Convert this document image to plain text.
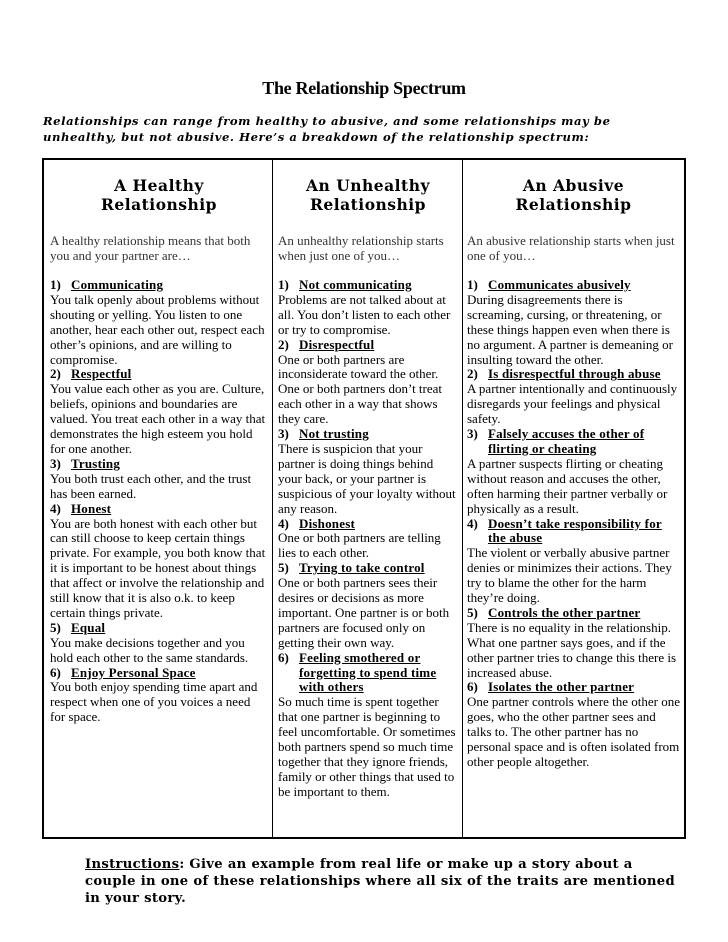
The Relationship Spectrum
Relationships can range from healthy to abusive, and some relationships may be unhealthy, but not abusive. Here’s a breakdown of the relationship spectrum:
A Healthy
Relationship
A healthy relationship means that both you and your partner are…
1) Communicating
You talk openly about problems without shouting or yelling. You listen to one another, hear each other out, respect each other’s opinions, and are willing to compromise.
2) Respectful
You value each other as you are. Culture, beliefs, opinions and boundaries are valued. You treat each other in a way that demonstrates the high esteem you hold for one another.
3) Trusting
You both trust each other, and the trust has been earned.
4) Honest
You are both honest with each other but can still choose to keep certain things private. For example, you both know that it is important to be honest about things that affect or involve the relationship and still know that it is also o.k. to keep certain things private.
5) Equal
You make decisions together and you hold each other to the same standards.
6) Enjoy Personal Space
You both enjoy spending time apart and respect when one of you voices a need for space.
An Unhealthy
Relationship
An unhealthy relationship starts when just one of you…
1) Not communicating
Problems are not talked about at all. You don’t listen to each other or try to compromise.
2) Disrespectful
One or both partners are inconsiderate toward the other. One or both partners don’t treat each other in a way that shows they care.
3) Not trusting
There is suspicion that your partner is doing things behind your back, or your partner is suspicious of your loyalty without any reason.
4) Dishonest
One or both partners are telling lies to each other.
5) Trying to take control
One or both partners sees their desires or decisions as more important. One partner is or both partners are focused only on getting their own way.
6) Feeling smothered or forgetting to spend time with others
So much time is spent together that one partner is beginning to feel uncomfortable. Or sometimes both partners spend so much time together that they ignore friends, family or other things that used to be important to them.
An Abusive
Relationship
An abusive relationship starts when just one of you…
1) Communicates abusively
During disagreements there is screaming, cursing, or threatening, or these things happen even when there is no argument. A partner is demeaning or insulting toward the other.
2) Is disrespectful through abuse
A partner intentionally and continuously disregards your feelings and physical safety.
3) Falsely accuses the other of flirting or cheating
A partner suspects flirting or cheating without reason and accuses the other, often harming their partner verbally or physically as a result.
4) Doesn’t take responsibility for the abuse
The violent or verbally abusive partner denies or minimizes their actions. They try to blame the other for the harm they’re doing.
5) Controls the other partner
There is no equality in the relationship. What one partner says goes, and if the other partner tries to change this there is increased abuse.
6) Isolates the other partner
One partner controls where the other one goes, who the other partner sees and talks to. The other partner has no personal space and is often isolated from other people altogether.
Instructions: Give an example from real life or make up a story about a couple in one of these relationships where all six of the traits are mentioned in your story.
